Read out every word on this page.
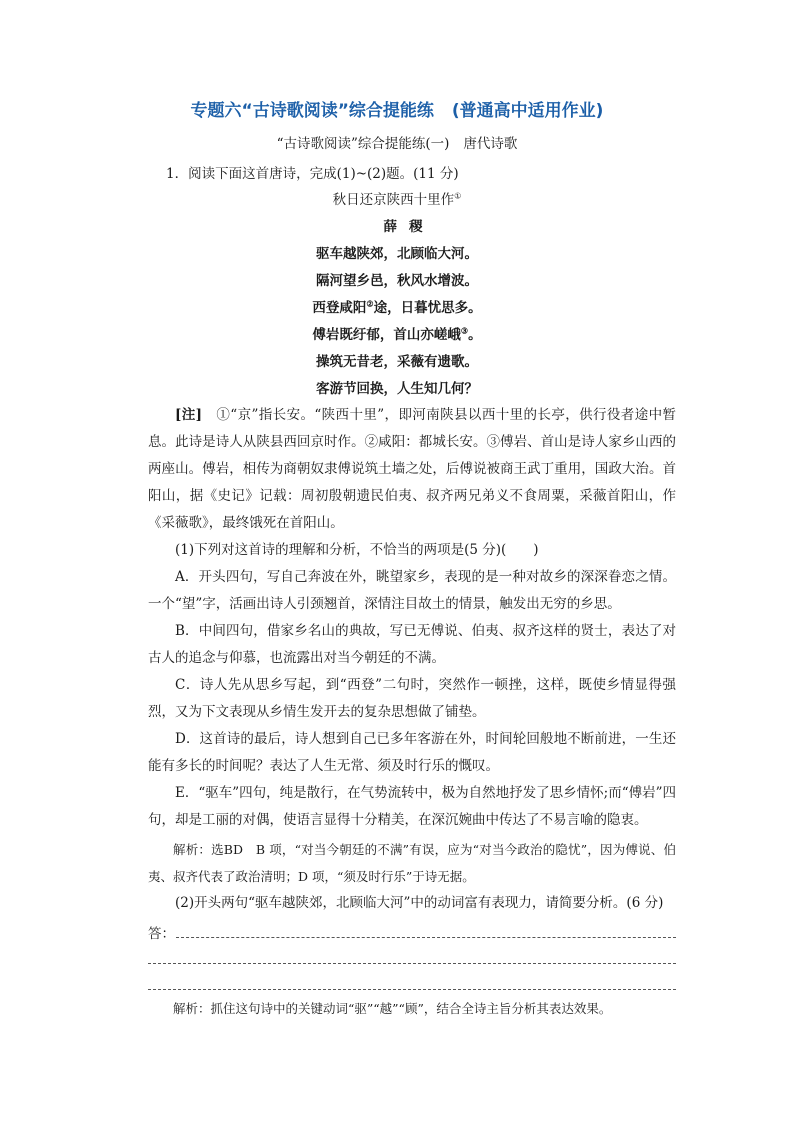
专题六“古诗歌阅读”综合提能练 (普通高中适用作业)
“古诗歌阅读”综合提能练(一) 唐代诗歌
1．阅读下面这首唐诗，完成(1)~(2)题。(11 分)
秋日还京陕西十里作①
薛稷
驱车越陕郊，北顾临大河。
隔河望乡邑，秋风水增波。
西登咸阳②途，日暮忧思多。
傅岩既纡郁，首山亦嵯峨③。
操筑无昔老，采薇有遗歌。
客游节回换，人生知几何？
[注]　 ①“京”指长安。“陕西十里”，即河南陕县以西十里的长亭，供行役者途中暂息。此诗是诗人从陕县西回京时作。②咸阳：都城长安。③傅岩、首山是诗人家乡山西的两座山。傅岩，相传为商朝奴隶傅说筑土墙之处，后傅说被商王武丁重用，国政大治。首阳山，据《史记》记载：周初殷朝遗民伯夷、叔齐两兄弟义不食周粟，采薇首阳山，作《采薇歌》，最终饿死在首阳山。
(1)下列对这首诗的理解和分析，不恰当的两项是(5 分)(　　)
A．开头四句，写自己奔波在外，眺望家乡，表现的是一种对故乡的深深眷恋之情。一个“望”字，活画出诗人引颈翘首，深情注目故土的情景，触发出无穷的乡思。
B．中间四句，借家乡名山的典故，写已无傅说、伯夷、叔齐这样的贤士，表达了对古人的追念与仰慕，也流露出对当今朝廷的不满。
C．诗人先从思乡写起，到“西登”二句时，突然作一顿挫，这样，既使乡情显得强烈，又为下文表现从乡情生发开去的复杂思想做了铺垫。
D．这首诗的最后，诗人想到自己已多年客游在外，时间轮回般地不断前进，一生还能有多长的时间呢？表达了人生无常、须及时行乐的慨叹。
E．“驱车”四句，纯是散行，在气势流转中，极为自然地抒发了思乡情怀;而“傅岩”四句，却是工丽的对偶，使语言显得十分精美，在深沉婉曲中传达了不易言喻的隐衷。
解析：选BD　B 项，“对当今朝廷的不满”有误，应为“对当今政治的隐忧”，因为傅说、伯夷、叔齐代表了政治清明；D 项，“须及时行乐”于诗无据。
(2)开头两句“驱车越陕郊，北顾临大河”中的动词富有表现力，请简要分析。(6 分)
答：
解析：抓住这句诗中的关键动词“驱”“越”“顾”，结合全诗主旨分析其表达效果。
